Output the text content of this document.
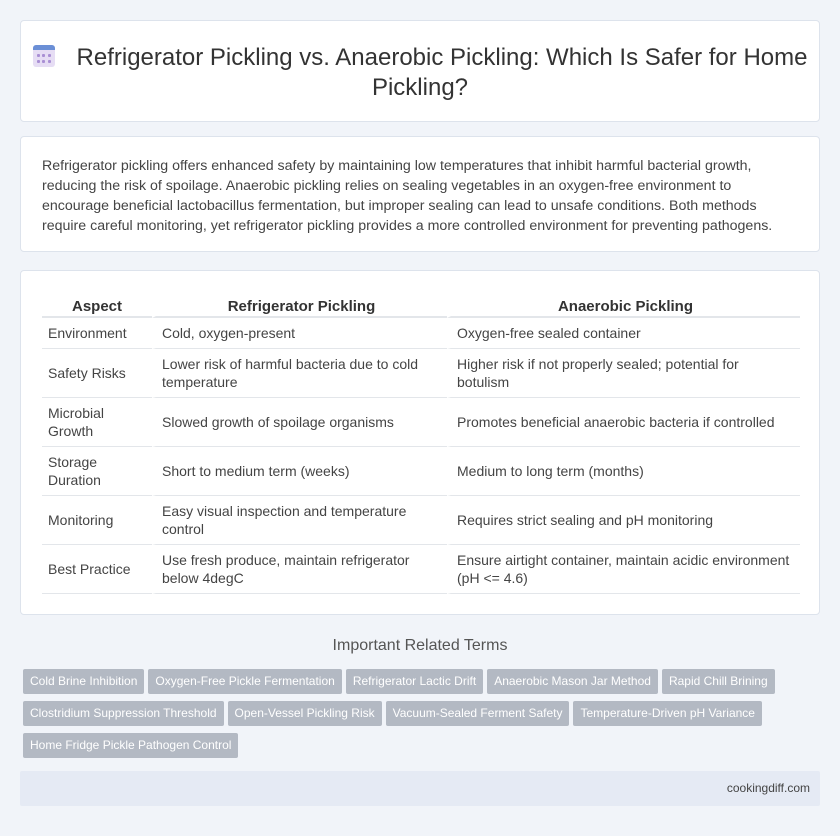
Refrigerator Pickling vs. Anaerobic Pickling: Which Is Safer for Home Pickling?

Refrigerator pickling offers enhanced safety by maintaining low temperatures that inhibit harmful bacterial growth, reducing the risk of spoilage. Anaerobic pickling relies on sealing vegetables in an oxygen-free environment to encourage beneficial lactobacillus fermentation, but improper sealing can lead to unsafe conditions. Both methods require careful monitoring, yet refrigerator pickling provides a more controlled environment for preventing pathogens.

Aspect	Refrigerator Pickling	Anaerobic Pickling
Environment	Cold, oxygen-present	Oxygen-free sealed container
Safety Risks	Lower risk of harmful bacteria due to cold temperature	Higher risk if not properly sealed; potential for botulism
Microbial Growth	Slowed growth of spoilage organisms	Promotes beneficial anaerobic bacteria if controlled
Storage Duration	Short to medium term (weeks)	Medium to long term (months)
Monitoring	Easy visual inspection and temperature control	Requires strict sealing and pH monitoring
Best Practice	Use fresh produce, maintain refrigerator below 4degC	Ensure airtight container, maintain acidic environment (pH <= 4.6)
Important Related Terms
Cold Brine Inhibition Oxygen-Free Pickle Fermentation Refrigerator Lactic Drift Anaerobic Mason Jar Method Rapid Chill BriningClostridium Suppression Threshold Open-Vessel Pickling Risk Vacuum-Sealed Ferment Safety Temperature-Driven pH VarianceHome Fridge Pickle Pathogen Control
cookingdiff.com
